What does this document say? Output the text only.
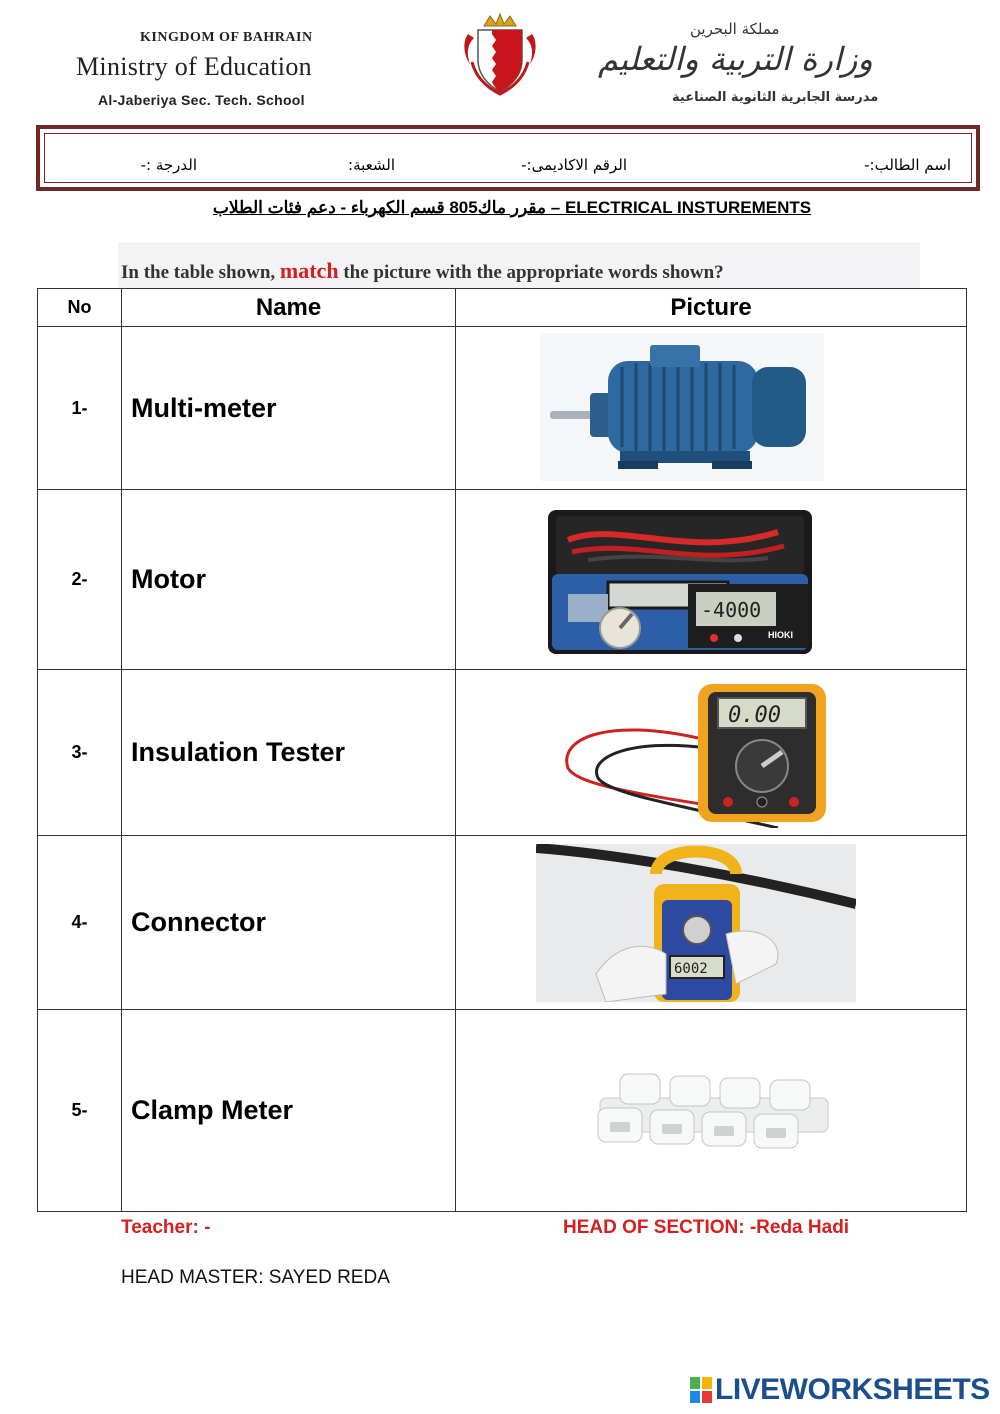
KINGDOM OF BAHRAIN
Ministry of Education
Al-Jaberiya Sec. Tech. School
مملكة البحرين
وزارة التربية والتعليم
مدرسة الجابرية الثانوية الصناعية
اسم الطالب:-
الرقم الاكاديمى:-
الشعبة:
الدرجة :-
ELECTRICAL INSTUREMENTS – مقرر ماك805 قسم الكهرباء - دعم فئات الطلاب
In the table shown, match the picture with the appropriate words shown?
No	Name	Picture
1-	Multi-meter	

2-	Motor	-4000
HIOKI

3-	Insulation Tester	0.00

4-	Connector	6002

5-	Clamp Meter	
Teacher: -	HEAD OF SECTION: -Reda Hadi
HEAD MASTER: SAYED REDA
LIVEWORKSHEETS
